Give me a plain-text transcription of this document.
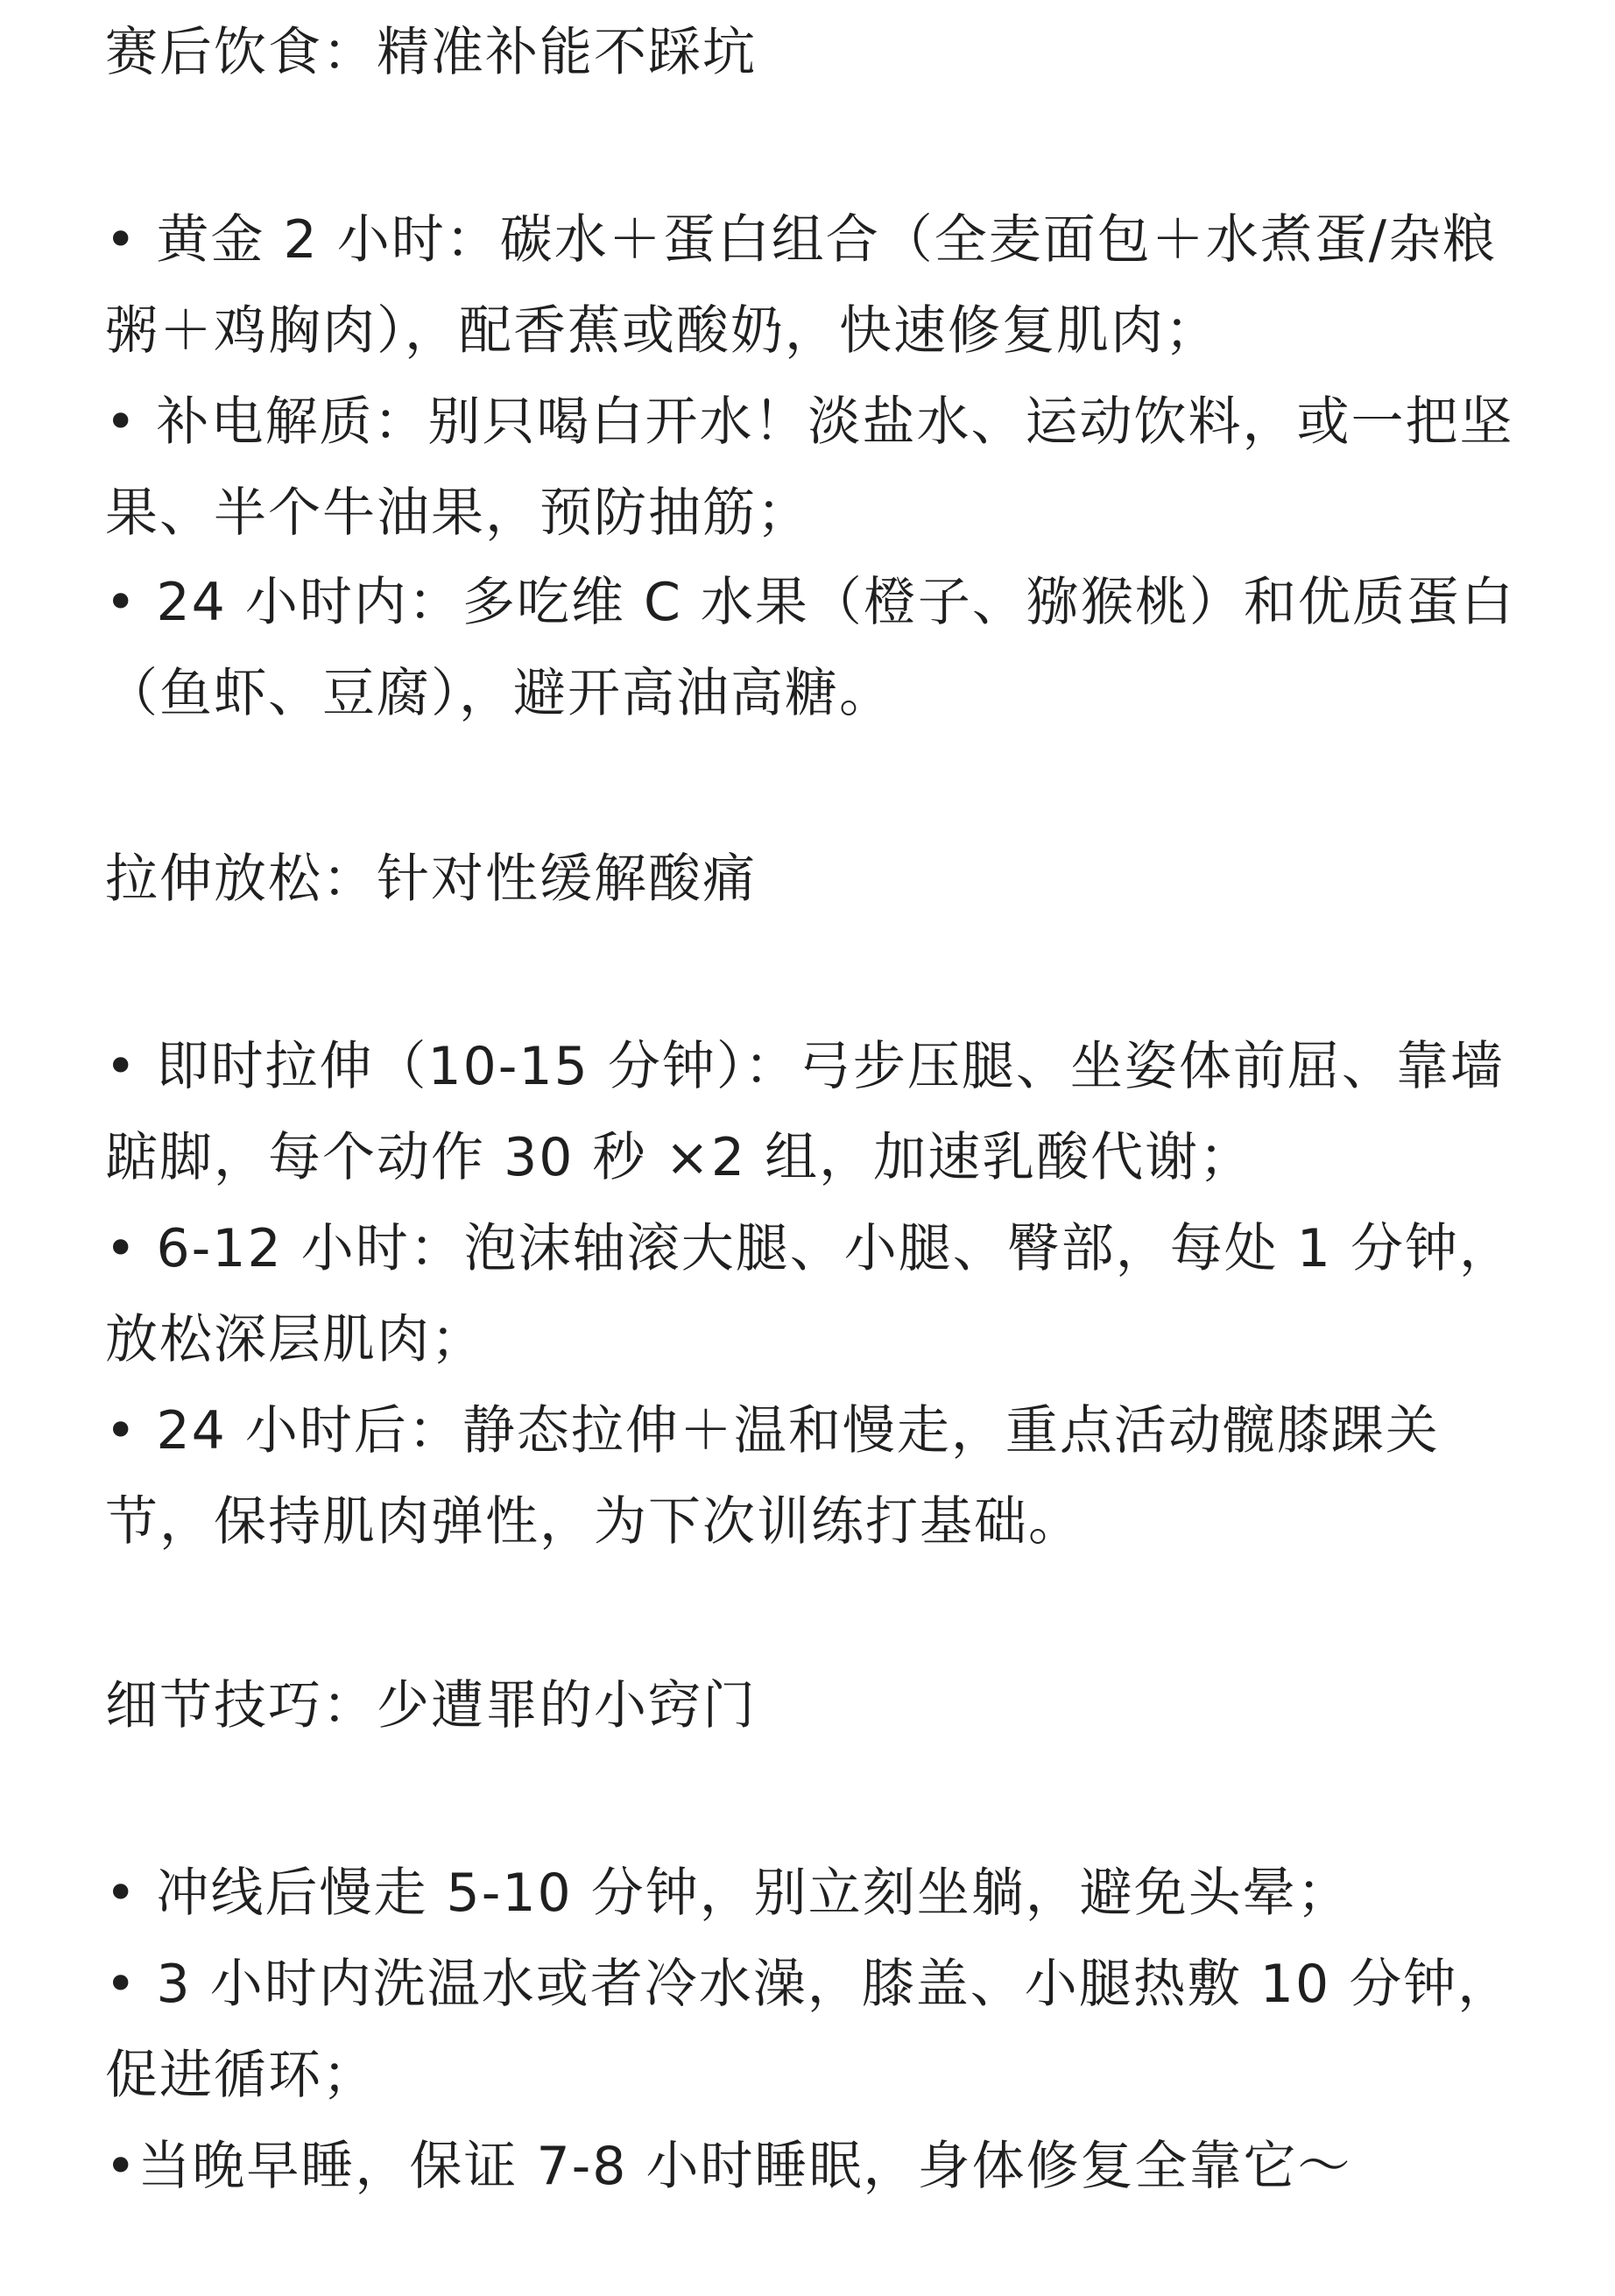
赛后饮食：精准补能不踩坑
• 黄金 2 小时：碳水＋蛋白组合（全麦面包＋水煮蛋/杂粮粥＋鸡胸肉），配香蕉或酸奶，快速修复肌肉；
• 补电解质：别只喝白开水！淡盐水、运动饮料，或一把坚果、半个牛油果，预防抽筋；
• 24 小时内：多吃维 C 水果（橙子、猕猴桃）和优质蛋白（鱼虾、豆腐），避开高油高糖。
拉伸放松：针对性缓解酸痛
• 即时拉伸（10-15 分钟）：弓步压腿、坐姿体前屈、靠墙踮脚，每个动作 30 秒 ×2 组，加速乳酸代谢；
• 6-12 小时：泡沫轴滚大腿、小腿、臀部，每处 1 分钟，放松深层肌肉；
• 24 小时后：静态拉伸＋温和慢走，重点活动髋膝踝关节，保持肌肉弹性，为下次训练打基础。
细节技巧：少遭罪的小窍门
• 冲线后慢走 5-10 分钟，别立刻坐躺，避免头晕；
• 3 小时内洗温水或者冷水澡，膝盖、小腿热敷 10 分钟，促进循环；
•当晚早睡，保证 7-8 小时睡眠，身体修复全靠它～
